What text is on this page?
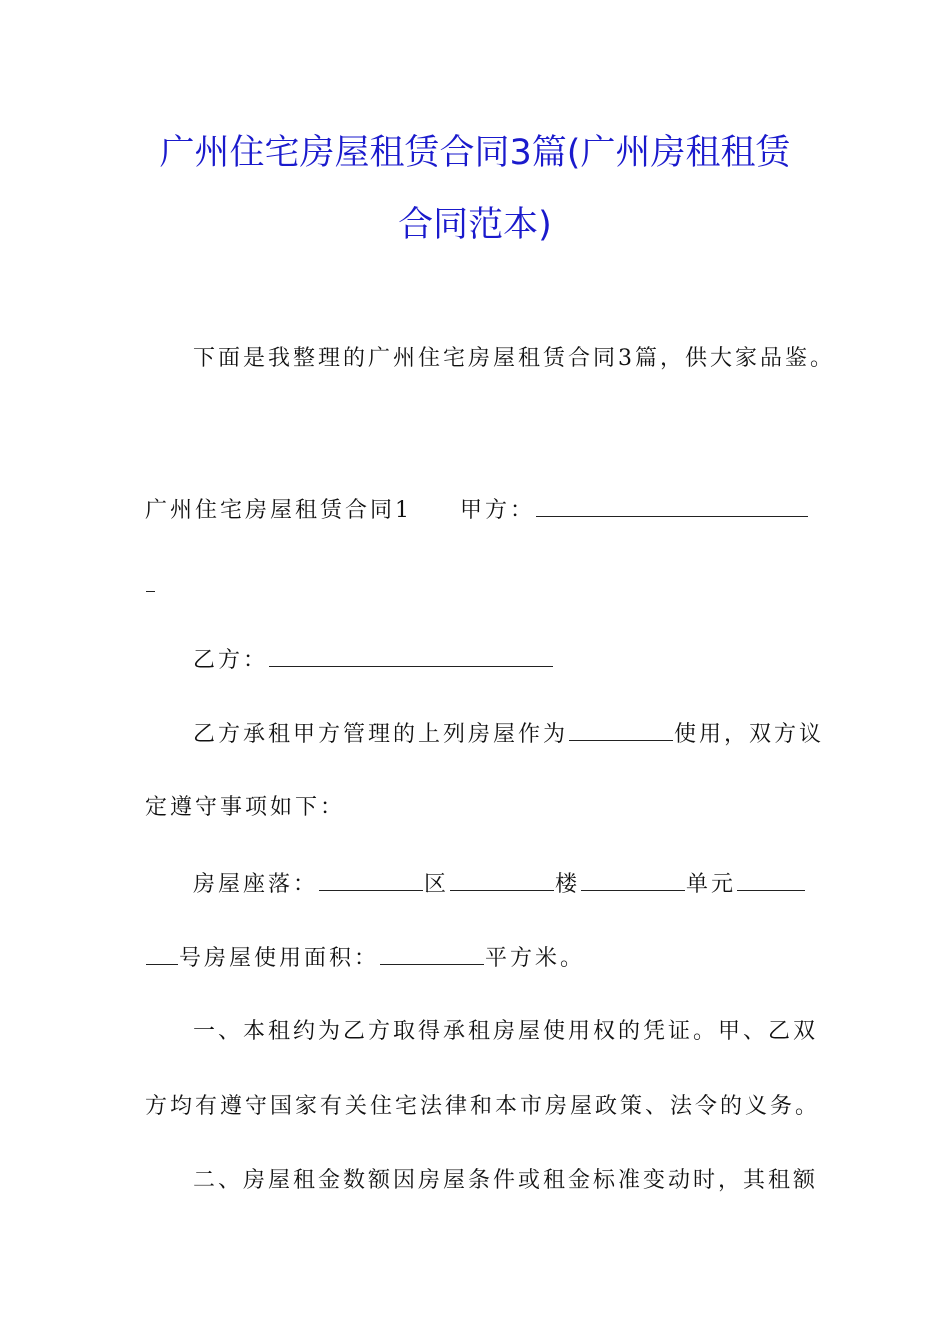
广州住宅房屋租赁合同3篇(广州房租租赁
合同范本)
下面是我整理的广州住宅房屋租赁合同3篇，供大家品鉴。
广州住宅房屋租赁合同1 甲方：
乙方：
乙方承租甲方管理的上列房屋作为	使用，双方议
定遵守事项如下：
房屋座落：	区	楼	单元
号房屋使用面积：	平方米。
一、本租约为乙方取得承租房屋使用权的凭证。甲、乙双
方均有遵守国家有关住宅法律和本市房屋政策、法令的义务。
二、房屋租金数额因房屋条件或租金标准变动时，其租额
